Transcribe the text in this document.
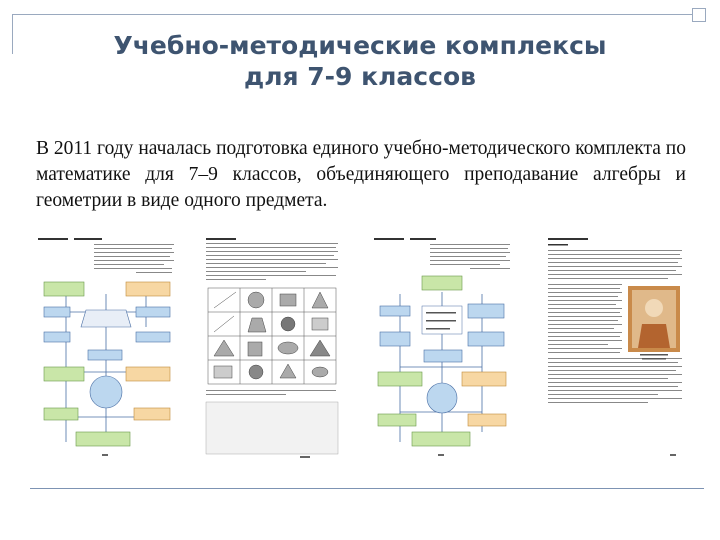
Учебно-методические комплексы
для 7-9 классов
В 2011 году началась подготовка единого учебно-методического комплекта по математике для 7–9 классов, объединяющего преподавание алгебры и геометрии в виде одного предмета.
